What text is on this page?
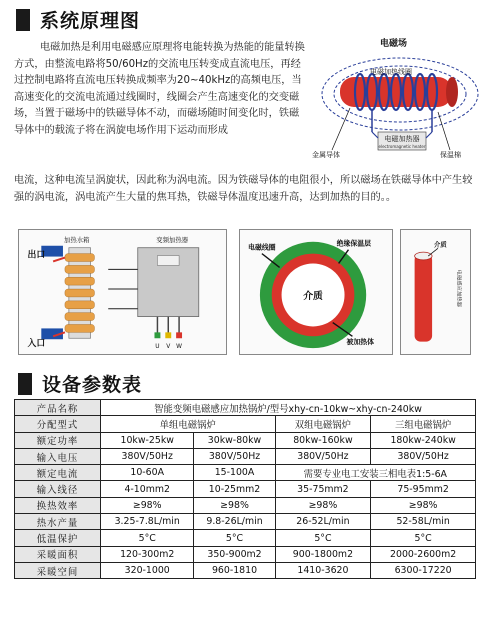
系统原理图

电磁加热是利用电磁感应原理将电能转换为热能的能量转换方式，由整流电路将50/60Hz的交流电压转变成直流电压，再经过控制电路将直流电压转换成频率为20~40kHz的高频电压，当高速变化的交流电流通过线圈时，线圈会产生高速变化的交变磁场，当置于磁场中的铁磁导体不动，而磁场随时间变化时，铁磁导体中的载流子将在涡旋电场作用下运动而形成

电流，这种电流呈涡旋状，因此称为涡电流。因为铁磁导体的电阻很小，所以磁场在铁磁导体中产生较强的涡电流，涡电流产生大量的焦耳热，铁磁导体温度迅速升高，达到加热的目的。。

电磁加热器
electromagnetic heater
电磁场
电磁加热线圈
金属导体	保温棉
加热水箱	变频加热器
出口
入口	U V W
介质
电磁线圈	绝缘保温层
被加热体
介质
电磁感应加热器
设备参数表
产品名称	智能变频电磁感应加热锅炉/型号xhy-cn-10kw~xhy-cn-240kw			
分配型式	单组电磁锅炉		双组电磁锅炉	三组电磁锅炉
额定功率	10kw-25kw	30kw-80kw	80kw-160kw	180kw-240kw
输入电压	380V/50Hz	380V/50Hz	380V/50Hz	380V/50Hz
额定电流	10-60A	15-100A	需要专业电工安装三相电表1:5-6A	
输入线径	4-10mm2	10-25mm2	35-75mm2	75-95mm2
换热效率	≥98%	≥98%	≥98%	≥98%
热水产量	3.25-7.8L/min	9.8-26L/min	26-52L/min	52-58L/min
低温保护	5°C	5°C	5°C	5°C
采暖面积	120-300m2	350-900m2	900-1800m2	2000-2600m2
采暖空间	320-1000	960-1810	1410-3620	6300-17220
